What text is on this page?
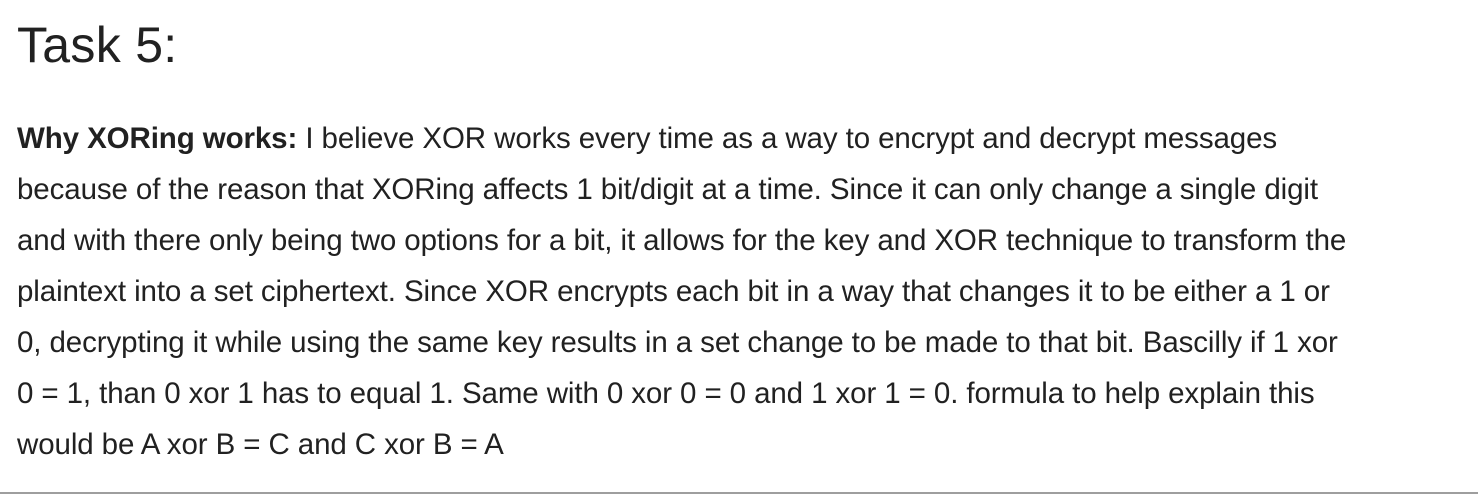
Task 5:

Why XORing works: I believe XOR works every time as a way to encrypt and decrypt messages
because of the reason that XORing affects 1 bit/digit at a time. Since it can only change a single digit
and with there only being two options for a bit, it allows for the key and XOR technique to transform the
plaintext into a set ciphertext. Since XOR encrypts each bit in a way that changes it to be either a 1 or
0, decrypting it while using the same key results in a set change to be made to that bit. Bascilly if 1 xor
0 = 1, than 0 xor 1 has to equal 1. Same with 0 xor 0 = 0 and 1 xor 1 = 0. formula to help explain this
would be A xor B = C and C xor B = A
